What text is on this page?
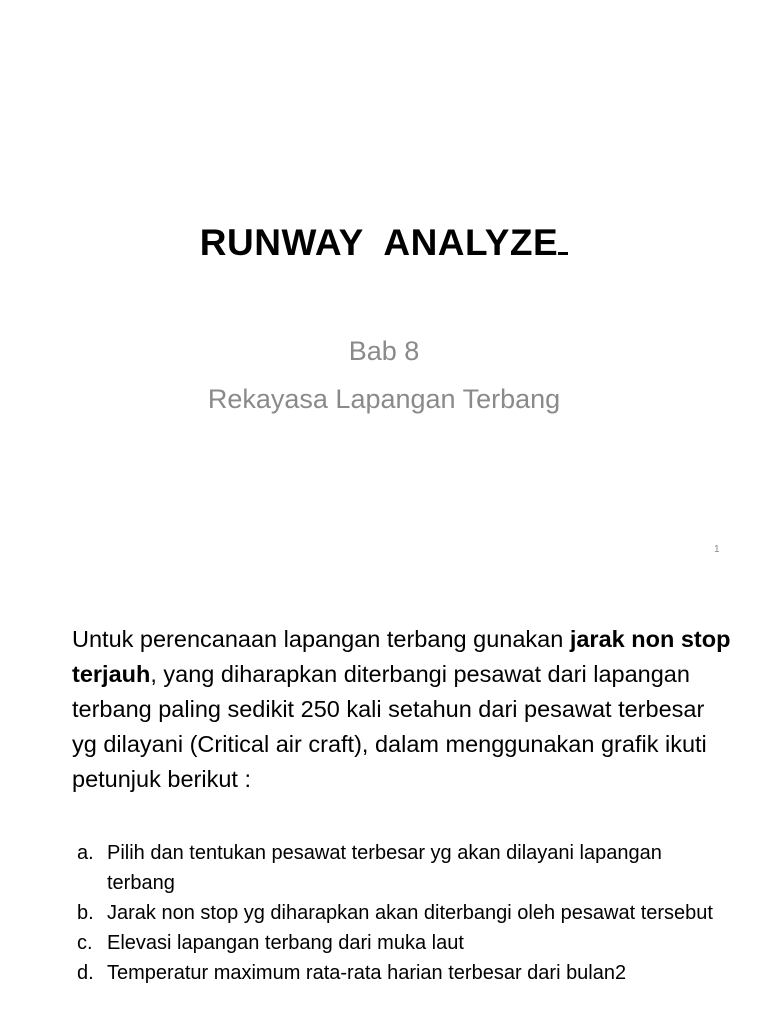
RUNWAY  ANALYZE
Bab 8
Rekayasa Lapangan Terbang
1
Untuk perencanaan lapangan terbang gunakan jarak non stop terjauh, yang diharapkan diterbangi pesawat dari lapangan terbang paling sedikit 250 kali setahun dari pesawat terbesar yg dilayani (Critical air craft), dalam menggunakan grafik ikuti petunjuk berikut :
a. Pilih dan tentukan pesawat terbesar yg akan dilayani lapangan terbang
b. Jarak non stop yg diharapkan akan diterbangi oleh pesawat tersebut
c. Elevasi lapangan terbang dari muka laut
d. Temperatur maximum rata-rata harian terbesar dari bulan2
